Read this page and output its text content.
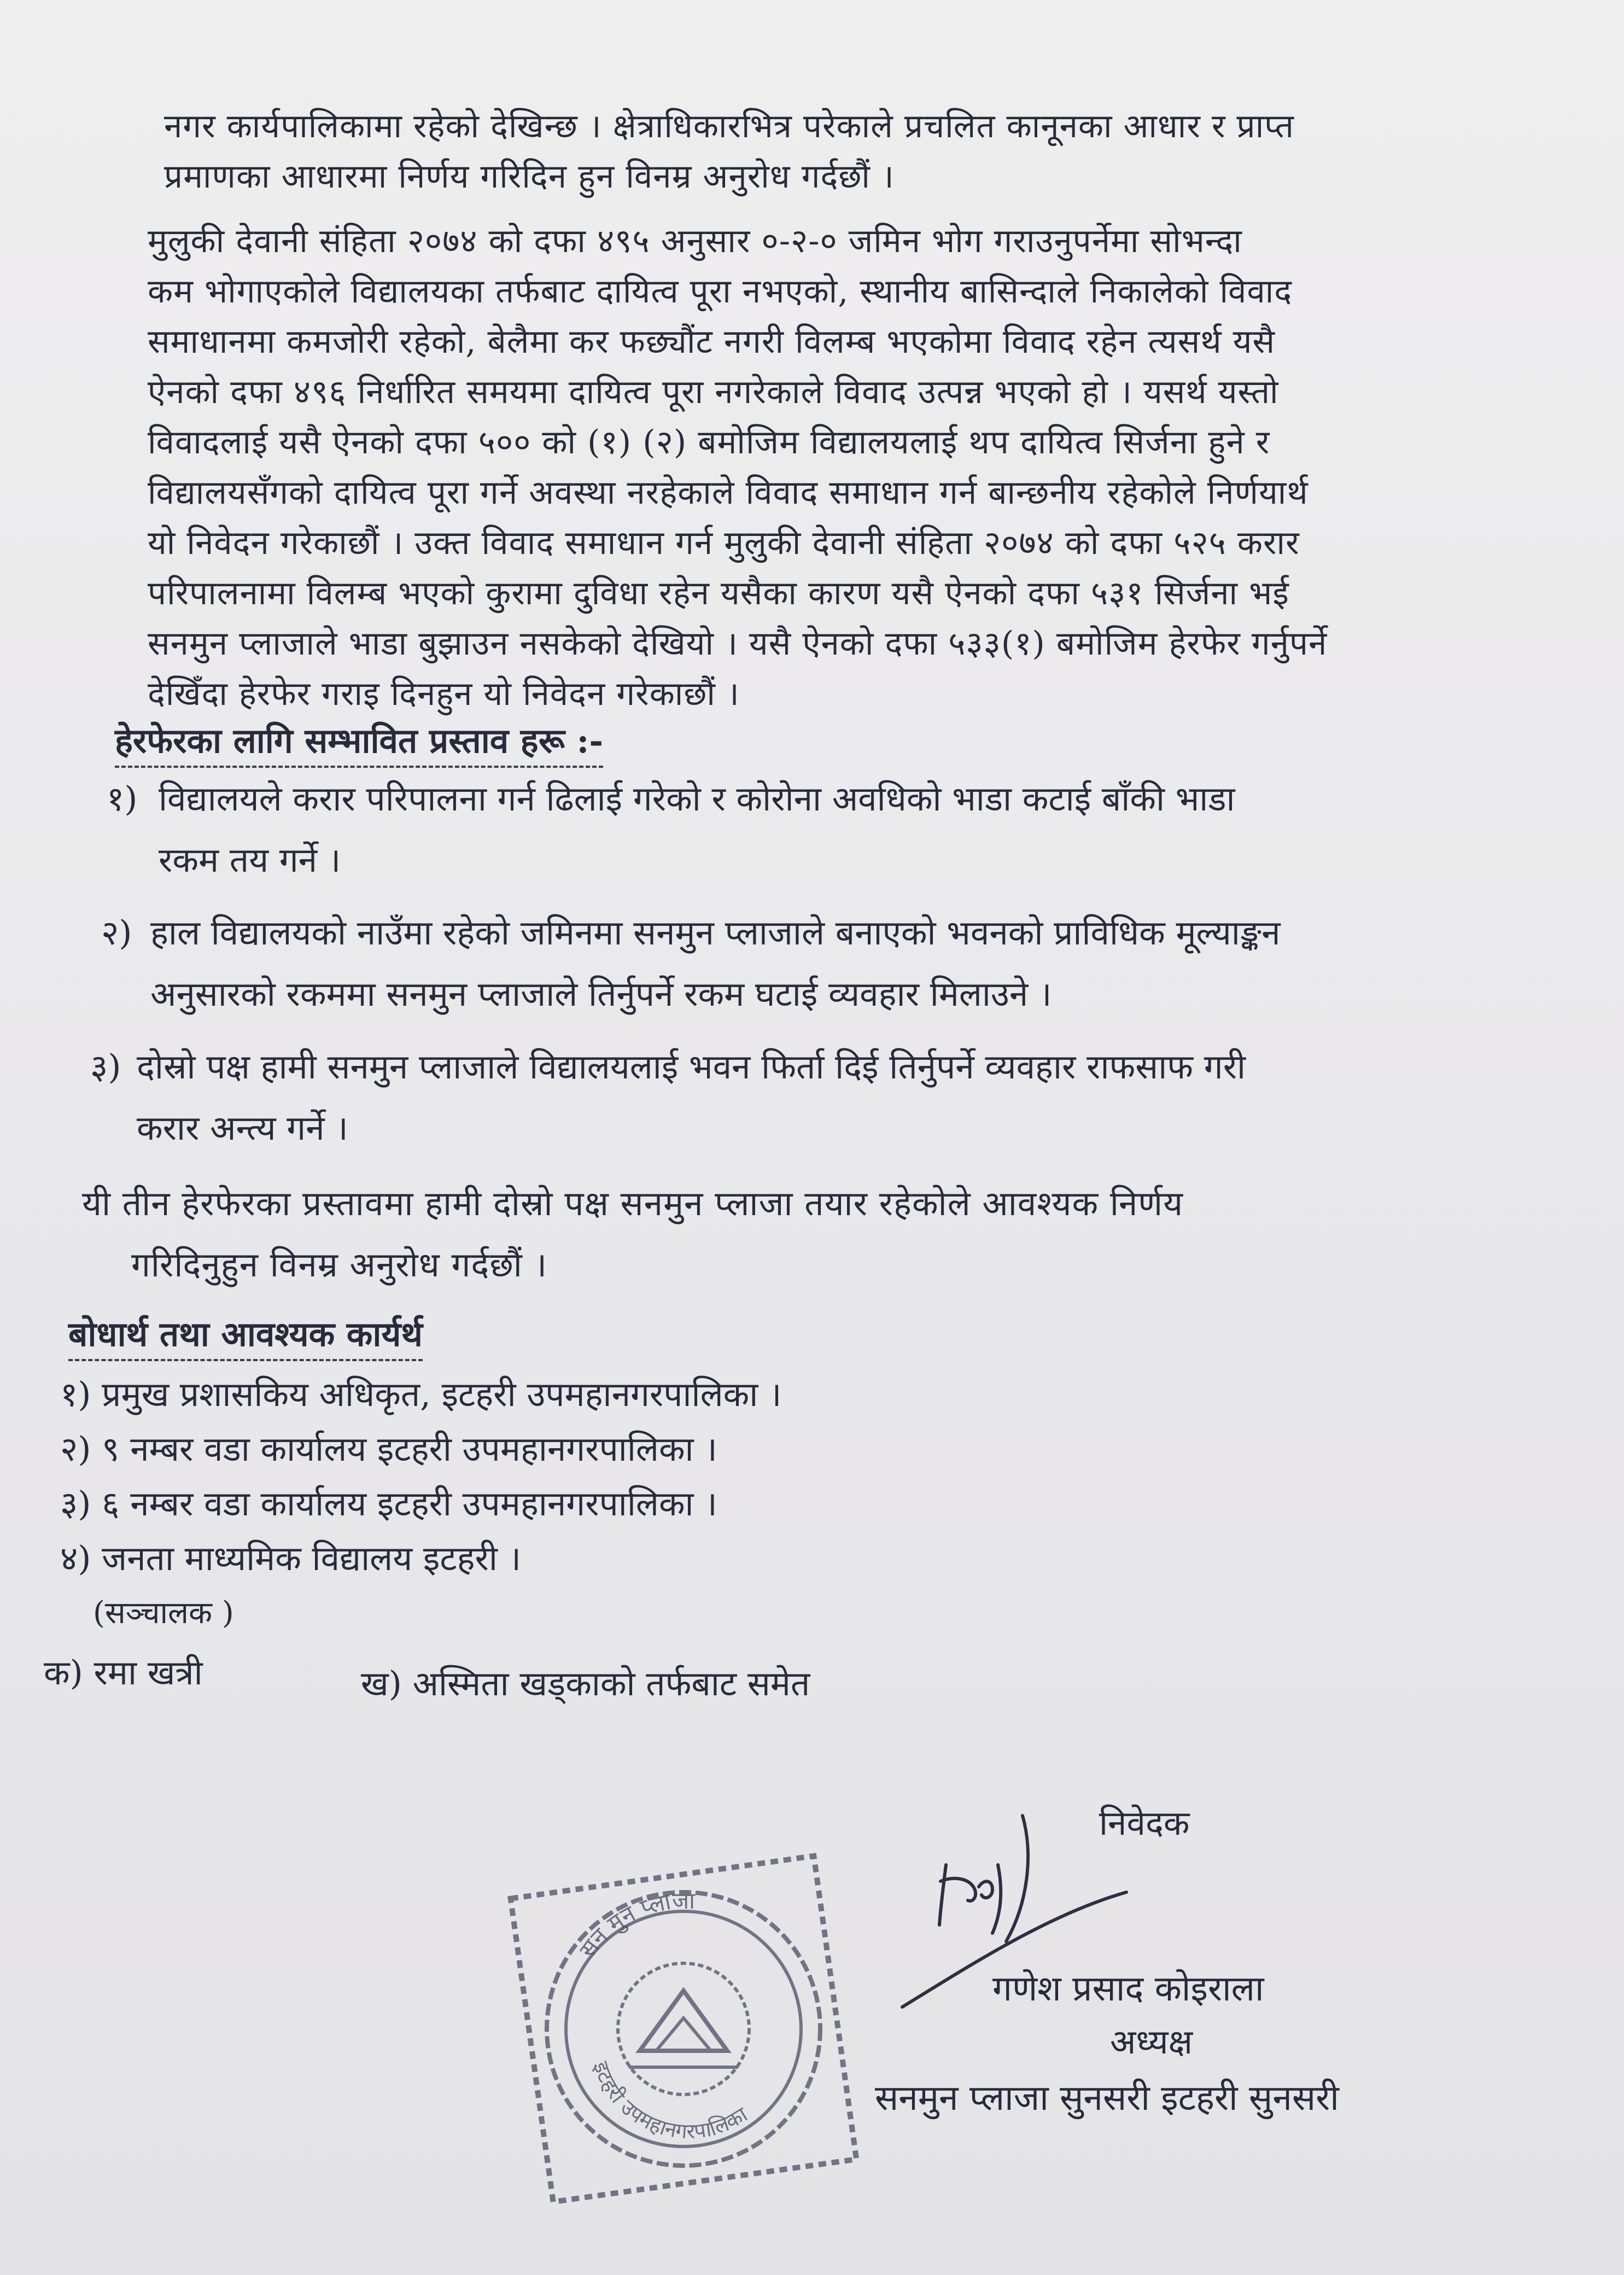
नगर कार्यपालिकामा रहेको देखिन्छ । क्षेत्राधिकारभित्र परेकाले प्रचलित कानूनका आधार र प्राप्त

प्रमाणका आधारमा निर्णय गरिदिन हुन विनम्र अनुरोध गर्दछौं ।

मुलुकी देवानी संहिता २०७४ को दफा ४९५ अनुसार ०-२-० जमिन भोग गराउनुपर्नेमा सोभन्दा

कम भोगाएकोले विद्यालयका तर्फबाट दायित्व पूरा नभएको, स्थानीय बासिन्दाले निकालेको विवाद

समाधानमा कमजोरी रहेको, बेलैमा कर फछ्यौंट नगरी विलम्ब भएकोमा विवाद रहेन त्यसर्थ यसै

ऐनको दफा ४९६ निर्धारित समयमा दायित्व पूरा नगरेकाले विवाद उत्पन्न भएको हो । यसर्थ यस्तो

विवादलाई यसै ऐनको दफा ५०० को (१) (२) बमोजिम विद्यालयलाई थप दायित्व सिर्जना हुने र

विद्यालयसँगको दायित्व पूरा गर्ने अवस्था नरहेकाले विवाद समाधान गर्न बान्छनीय रहेकोले निर्णयार्थ

यो निवेदन गरेकाछौं । उक्त विवाद समाधान गर्न मुलुकी देवानी संहिता २०७४ को दफा ५२५ करार

परिपालनामा विलम्ब भएको कुरामा दुविधा रहेन यसैका कारण यसै ऐनको दफा ५३१ सिर्जना भई

सनमुन प्लाजाले भाडा बुझाउन नसकेको देखियो । यसै ऐनको दफा ५३३(१) बमोजिम हेरफेर गर्नुपर्ने

देखिँदा हेरफेर गराइ दिनहुन यो निवेदन गरेकाछौं ।

हेरफेरका लागि सम्भावित प्रस्ताव हरू :-
१) विद्यालयले करार परिपालना गर्न ढिलाई गरेको र कोरोना अवधिको भाडा कटाई बाँकी भाडा
रकम तय गर्ने ।
२) हाल विद्यालयको नाउँमा रहेको जमिनमा सनमुन प्लाजाले बनाएको भवनको प्राविधिक मूल्याङ्कन
अनुसारको रकममा सनमुन प्लाजाले तिर्नुपर्ने रकम घटाई व्यवहार मिलाउने ।
३) दोस्रो पक्ष हामी सनमुन प्लाजाले विद्यालयलाई भवन फिर्ता दिई तिर्नुपर्ने व्यवहार राफसाफ गरी
करार अन्त्य गर्ने ।
यी तीन हेरफेरका प्रस्तावमा हामी दोस्रो पक्ष सनमुन प्लाजा तयार रहेकोले आवश्यक निर्णय
गरिदिनुहुन विनम्र अनुरोध गर्दछौं ।
बोधार्थ तथा आवश्यक कार्यर्थ
१) प्रमुख प्रशासकिय अधिकृत, इटहरी उपमहानगरपालिका ।
२) ९ नम्बर वडा कार्यालय इटहरी उपमहानगरपालिका ।
३) ६ नम्बर वडा कार्यालय इटहरी उपमहानगरपालिका ।
४) जनता माध्यमिक विद्यालय इटहरी ।
(सञ्चालक )
क) रमा खत्री	ख) अस्मिता खड्काको तर्फबाट समेत
सन मुन प्लाजा
इटहरी उपमहानगरपालिका
निवेदक
गणेश प्रसाद कोइराला
अध्यक्ष
सनमुन प्लाजा सुनसरी इटहरी सुनसरी
